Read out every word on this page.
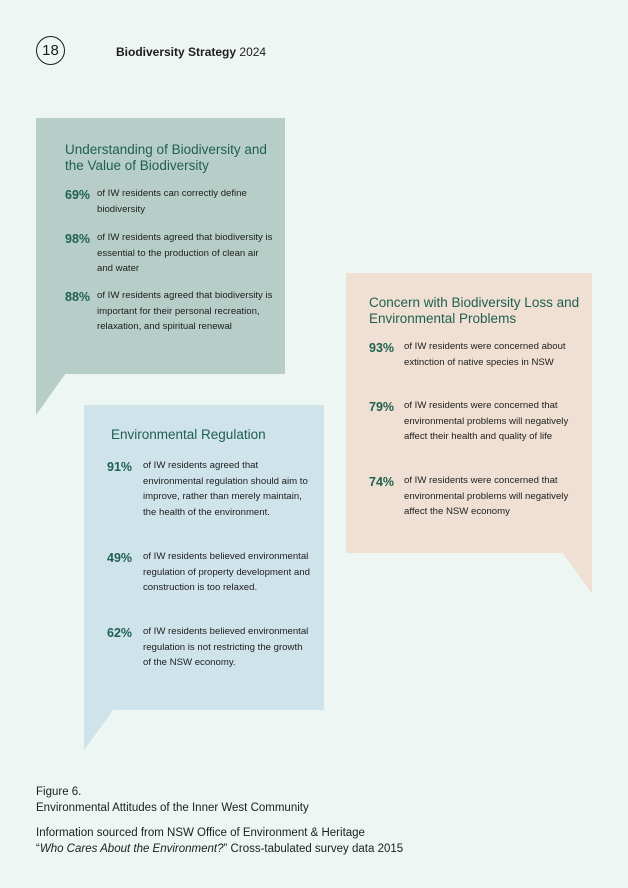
18	Biodiversity Strategy 2024
Understanding of Biodiversity and the Value of Biodiversity
69% of IW residents can correctly define biodiversity
98% of IW residents agreed that biodiversity is essential to the production of clean air and water
88% of IW residents agreed that biodiversity is important for their personal recreation, relaxation, and spiritual renewal
Concern with Biodiversity Loss and Environmental Problems
93%	of IW residents were concerned about extinction of native species in NSW
79%	of IW residents were concerned that environmental problems will negatively affect their health and quality of life
74%	of IW residents were concerned that environmental problems will negatively affect the NSW economy
Environmental Regulation
91%	of IW residents agreed that environmental regulation should aim to improve, rather than merely maintain, the health of the environment.
49%	of IW residents believed environmental regulation of property development and construction is too relaxed.
62%	of IW residents believed environmental regulation is not restricting the growth of the NSW economy.
Figure 6.
Environmental Attitudes of the Inner West Community
Information sourced from NSW Office of Environment & Heritage
“Who Cares About the Environment?” Cross-tabulated survey data 2015
